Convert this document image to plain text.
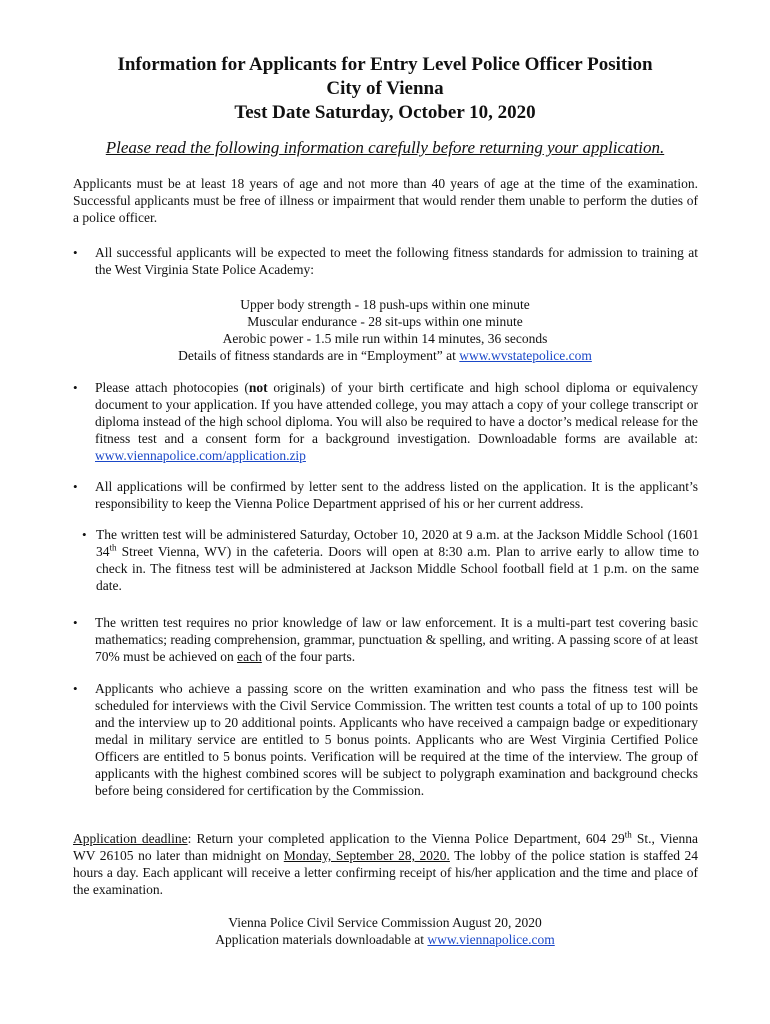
Information for Applicants for Entry Level Police Officer Position
City of Vienna
Test Date Saturday, October 10, 2020

Please read the following information carefully before returning your application.

Applicants must be at least 18 years of age and not more than 40 years of age at the time of the examination. Successful applicants must be free of illness or impairment that would render them unable to perform the duties of a police officer.

• All successful applicants will be expected to meet the following fitness standards for admission to training at the West Virginia State Police Academy:

Upper body strength - 18 push-ups within one minute

Muscular endurance - 28 sit-ups within one minute

Aerobic power - 1.5 mile run within 14 minutes, 36 seconds

Details of fitness standards are in “Employment” at www.wvstatepolice.com

• Please attach photocopies (not originals) of your birth certificate and high school diploma or equivalency document to your application. If you have attended college, you may attach a copy of your college transcript or diploma instead of the high school diploma. You will also be required to have a doctor’s medical release for the fitness test and a consent form for a background investigation. Downloadable forms are available at: www.viennapolice.com/application.zip

• All applications will be confirmed by letter sent to the address listed on the application. It is the applicant’s responsibility to keep the Vienna Police Department apprised of his or her current address.

• The written test will be administered Saturday, October 10, 2020 at 9 a.m. at the Jackson Middle School (1601 34th Street Vienna, WV) in the cafeteria. Doors will open at 8:30 a.m. Plan to arrive early to allow time to check in. The fitness test will be administered at Jackson Middle School football field at 1 p.m. on the same date.

• The written test requires no prior knowledge of law or law enforcement. It is a multi-part test covering basic mathematics; reading comprehension, grammar, punctuation & spelling, and writing. A passing score of at least 70% must be achieved on each of the four parts.

• Applicants who achieve a passing score on the written examination and who pass the fitness test will be scheduled for interviews with the Civil Service Commission. The written test counts a total of up to 100 points and the interview up to 20 additional points. Applicants who have received a campaign badge or expeditionary medal in military service are entitled to 5 bonus points. Applicants who are West Virginia Certified Police Officers are entitled to 5 bonus points. Verification will be required at the time of the interview. The group of applicants with the highest combined scores will be subject to polygraph examination and background checks before being considered for certification by the Commission.

Application deadline: Return your completed application to the Vienna Police Department, 604 29th St., Vienna WV 26105 no later than midnight on Monday, September 28, 2020. The lobby of the police station is staffed 24 hours a day. Each applicant will receive a letter confirming receipt of his/her application and the time and place of the examination.

Vienna Police Civil Service Commission August 20, 2020

Application materials downloadable at www.viennapolice.com
